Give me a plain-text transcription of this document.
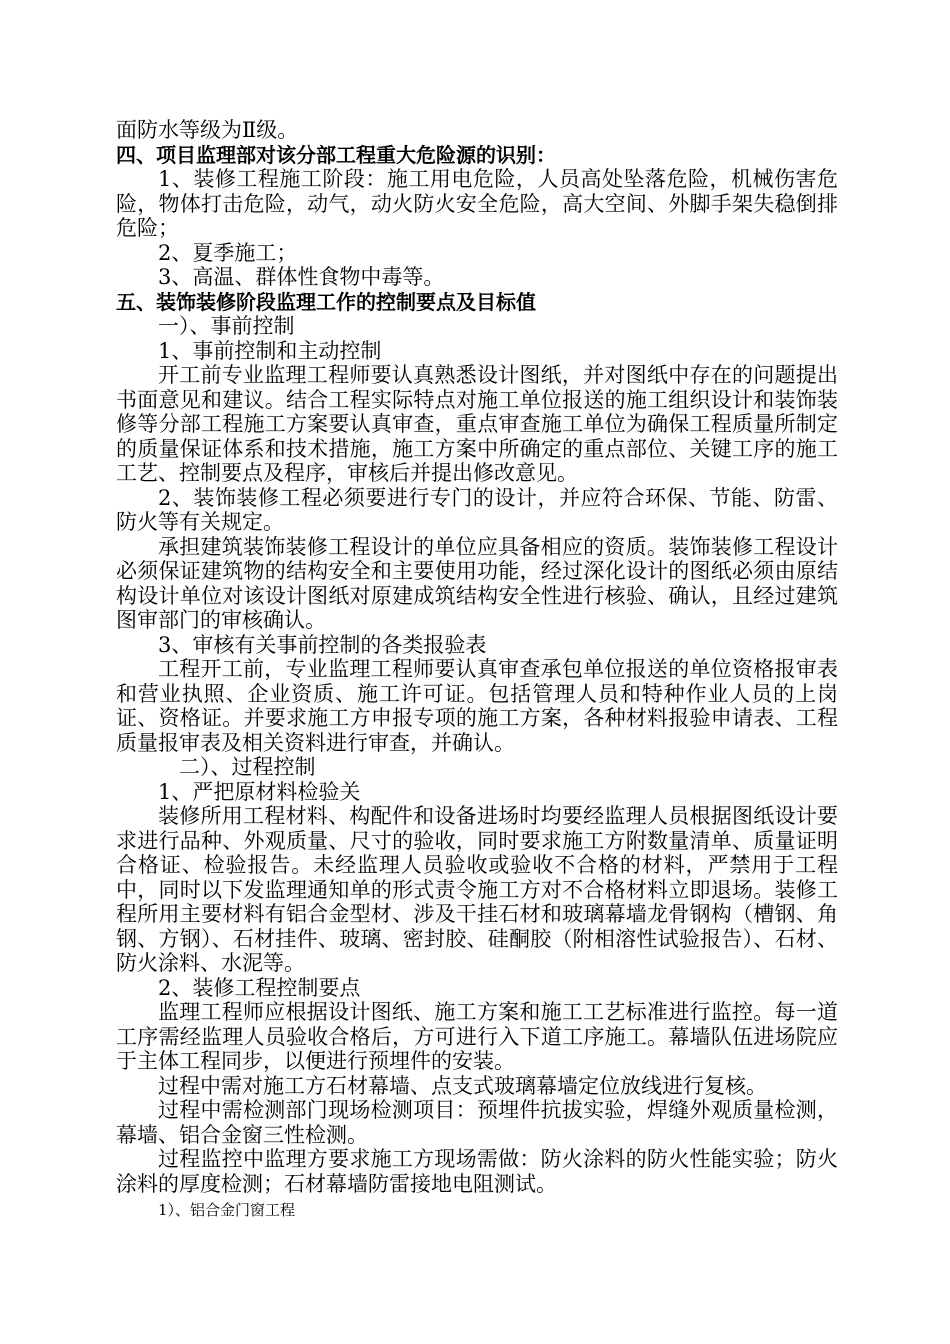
面防水等级为Ⅱ级。

四、项目监理部对该分部工程重大危险源的识别：

1、装修工程施工阶段：施工用电危险，人员高处坠落危险，机械伤害危险，物体打击危险，动气，动火防火安全危险，高大空间、外脚手架失稳倒排危险；

2、夏季施工；

3、高温、群体性食物中毒等。

五、装饰装修阶段监理工作的控制要点及目标值

一）、事前控制

1、事前控制和主动控制

开工前专业监理工程师要认真熟悉设计图纸，并对图纸中存在的问题提出书面意见和建议。结合工程实际特点对施工单位报送的施工组织设计和装饰装修等分部工程施工方案要认真审查，重点审查施工单位为确保工程质量所制定的质量保证体系和技术措施，施工方案中所确定的重点部位、关键工序的施工工艺、控制要点及程序，审核后并提出修改意见。

2、装饰装修工程必须要进行专门的设计，并应符合环保、节能、防雷、防火等有关规定。

承担建筑装饰装修工程设计的单位应具备相应的资质。装饰装修工程设计必须保证建筑物的结构安全和主要使用功能，经过深化设计的图纸必须由原结构设计单位对该设计图纸对原建成筑结构安全性进行核验、确认，且经过建筑图审部门的审核确认。

3、审核有关事前控制的各类报验表

工程开工前，专业监理工程师要认真审查承包单位报送的单位资格报审表和营业执照、企业资质、施工许可证。包括管理人员和特种作业人员的上岗证、资格证。并要求施工方申报专项的施工方案，各种材料报验申请表、工程质量报审表及相关资料进行审查，并确认。

二）、过程控制

1、严把原材料检验关

装修所用工程材料、构配件和设备进场时均要经监理人员根据图纸设计要求进行品种、外观质量、尺寸的验收，同时要求施工方附数量清单、质量证明合格证、检验报告。未经监理人员验收或验收不合格的材料，严禁用于工程中，同时以下发监理通知单的形式责令施工方对不合格材料立即退场。装修工程所用主要材料有铝合金型材、涉及干挂石材和玻璃幕墙龙骨钢构（槽钢、角钢、方钢）、石材挂件、玻璃、密封胶、硅酮胶（附相溶性试验报告）、石材、防火涂料、水泥等。

2、装修工程控制要点

监理工程师应根据设计图纸、施工方案和施工工艺标准进行监控。每一道工序需经监理人员验收合格后，方可进行入下道工序施工。幕墙队伍进场院应于主体工程同步，以便进行预埋件的安装。

过程中需对施工方石材幕墙、点支式玻璃幕墙定位放线进行复核。

过程中需检测部门现场检测项目：预埋件抗拔实验，焊缝外观质量检测，幕墙、铝合金窗三性检测。

过程监控中监理方要求施工方现场需做：防火涂料的防火性能实验；防火涂料的厚度检测；石材幕墙防雷接地电阻测试。

1）、铝合金门窗工程
